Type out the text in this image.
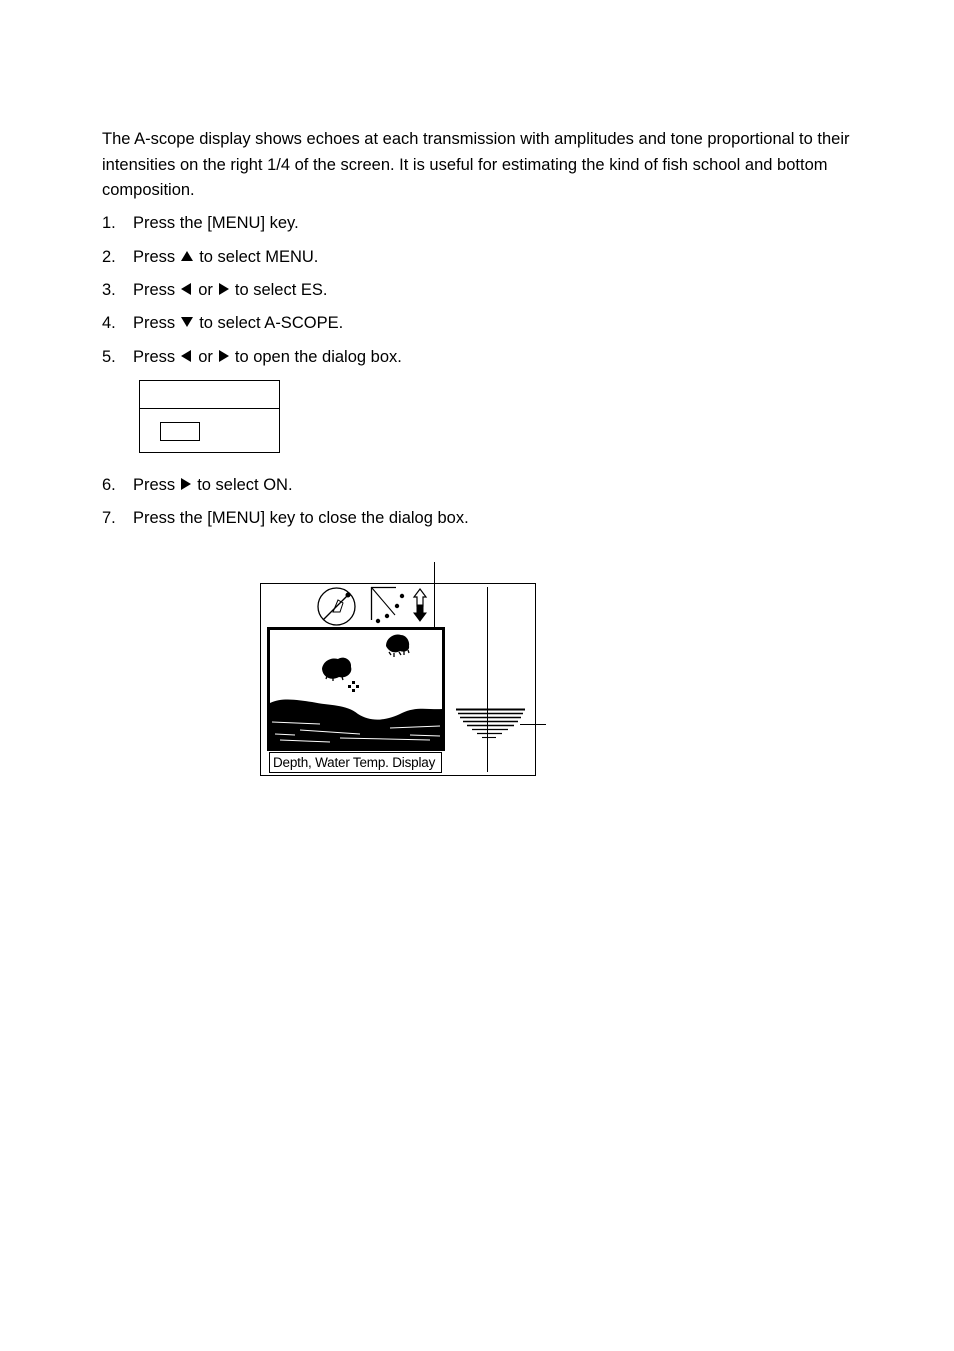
The A-scope display shows echoes at each transmission with amplitudes and tone proportional to their intensities on the right 1/4 of the screen. It is useful for estimating the kind of fish school and bottom composition.

1. Press the [MENU] key.
2. Press to select MENU.
3. Press or to select ES.
4. Press to select A-SCOPE.
5. Press or to open the dialog box.
6. Press to select ON.
7. Press the [MENU] key to close the dialog box.
Depth, Water Temp. Display
